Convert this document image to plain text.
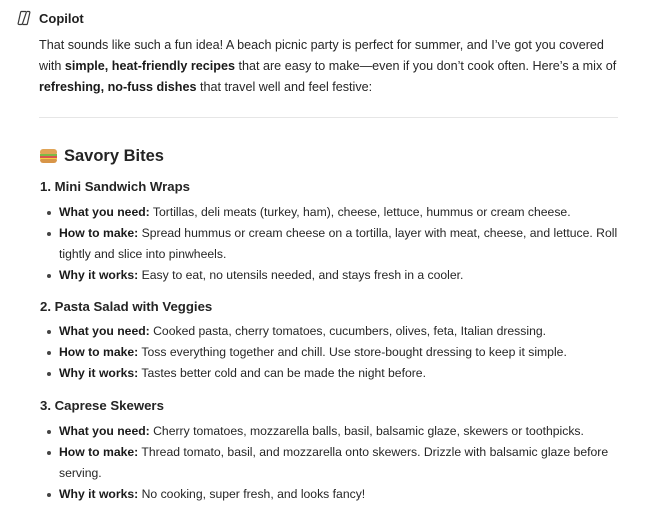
Copilot
That sounds like such a fun idea! A beach picnic party is perfect for summer, and I’ve got you covered with simple, heat-friendly recipes that are easy to make—even if you don’t cook often. Here’s a mix of refreshing, no-fuss dishes that travel well and feel festive:
Savory Bites
1. Mini Sandwich Wraps
What you need: Tortillas, deli meats (turkey, ham), cheese, lettuce, hummus or cream cheese.
How to make: Spread hummus or cream cheese on a tortilla, layer with meat, cheese, and lettuce. Roll tightly and slice into pinwheels.
Why it works: Easy to eat, no utensils needed, and stays fresh in a cooler.
2. Pasta Salad with Veggies
What you need: Cooked pasta, cherry tomatoes, cucumbers, olives, feta, Italian dressing.
How to make: Toss everything together and chill. Use store-bought dressing to keep it simple.
Why it works: Tastes better cold and can be made the night before.
3. Caprese Skewers
What you need: Cherry tomatoes, mozzarella balls, basil, balsamic glaze, skewers or toothpicks.
How to make: Thread tomato, basil, and mozzarella onto skewers. Drizzle with balsamic glaze before serving.
Why it works: No cooking, super fresh, and looks fancy!
